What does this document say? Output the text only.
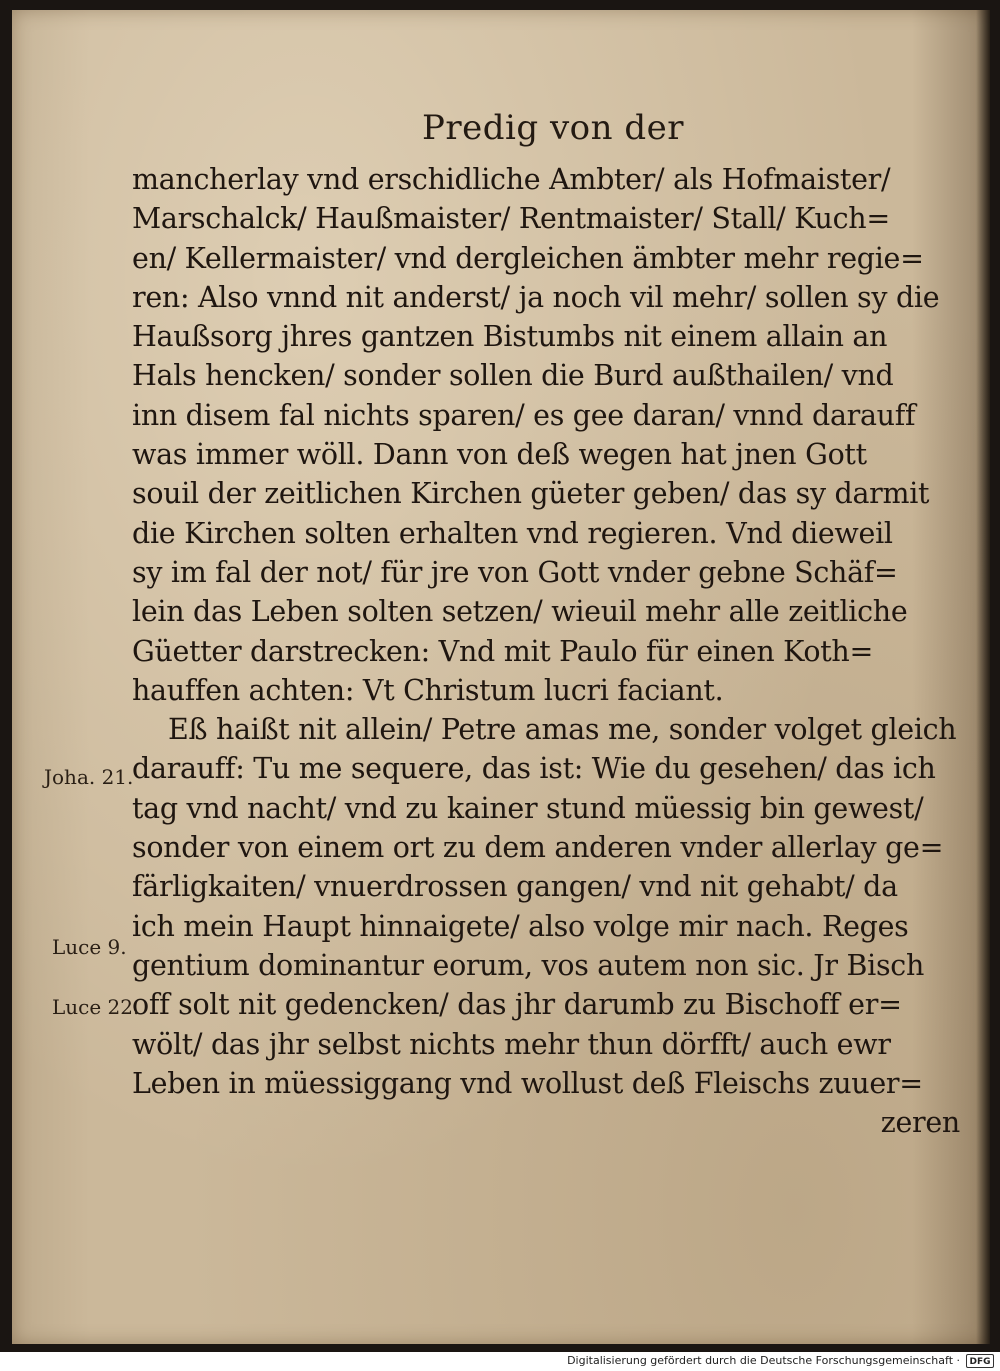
Predig von der
mancherlay vnd erschidliche Ambter/ als Hofmaister/
Marschalck/ Haußmaister/ Rentmaister/ Stall/ Kuch=
en/ Kellermaister/ vnd dergleichen ämbter mehr regie=
ren: Also vnnd nit anderst/ ja noch vil mehr/ sollen sy die
Haußsorg jhres gantzen Bistumbs nit einem allain an
Hals hencken/ sonder sollen die Burd außthailen/ vnd
inn disem fal nichts sparen/ es gee daran/ vnnd darauff
was immer wöll. Dann von deß wegen hat jnen Gott
souil der zeitlichen Kirchen güeter geben/ das sy darmit
die Kirchen solten erhalten vnd regieren. Vnd dieweil
sy im fal der not/ für jre von Gott vnder gebne Schäf=
lein das Leben solten setzen/ wieuil mehr alle zeitliche
Güetter darstrecken: Vnd mit Paulo für einen Koth=
hauffen achten: Vt Christum lucri faciant.
Eß haißt nit allein/ Petre amas me, sonder volget gleich
darauff: Tu me sequere, das ist: Wie du gesehen/ das ich
tag vnd nacht/ vnd zu kainer stund müessig bin gewest/
sonder von einem ort zu dem anderen vnder allerlay ge=
färligkaiten/ vnuerdrossen gangen/ vnd nit gehabt/ da
ich mein Haupt hinnaigete/ also volge mir nach. Reges
gentium dominantur eorum, vos autem non sic. Jr Bisch
off solt nit gedencken/ das jhr darumb zu Bischoff er=
wölt/ das jhr selbst nichts mehr thun dörfft/ auch ewr
Leben in müessiggang vnd wollust deß Fleischs zuuer=
zeren
Joha. 21.
Luce 9.
Luce 22.
Digitalisierung gefördert durch die Deutsche Forschungsgemeinschaft ·	DFG
